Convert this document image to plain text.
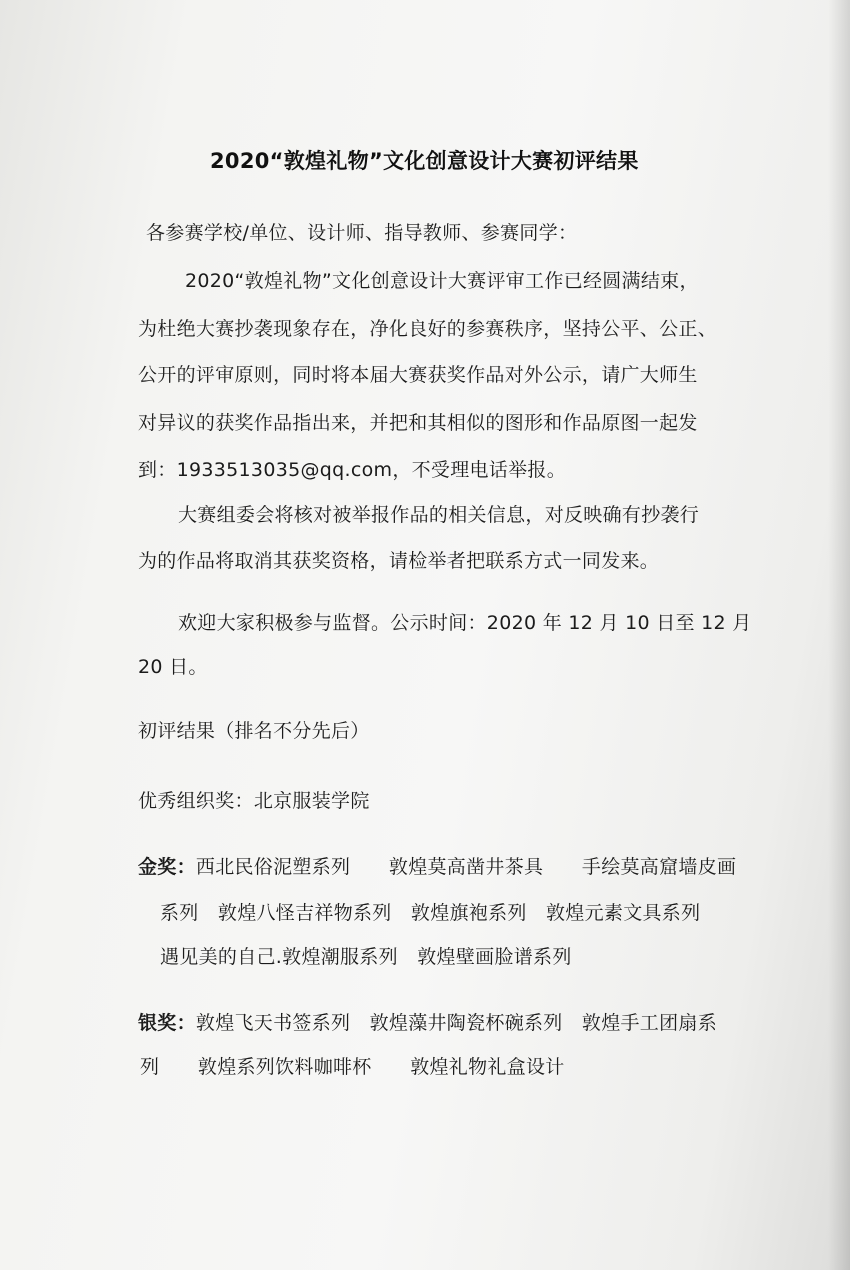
2020“敦煌礼物”文化创意设计大赛初评结果
各参赛学校/单位、设计师、指导教师、参赛同学：
2020“敦煌礼物”文化创意设计大赛评审工作已经圆满结束，
为杜绝大赛抄袭现象存在，净化良好的参赛秩序，坚持公平、公正、
公开的评审原则，同时将本届大赛获奖作品对外公示，请广大师生
对异议的获奖作品指出来，并把和其相似的图形和作品原图一起发
到：1933513035@qq.com，不受理电话举报。
大赛组委会将核对被举报作品的相关信息，对反映确有抄袭行
为的作品将取消其获奖资格，请检举者把联系方式一同发来。
欢迎大家积极参与监督。公示时间：2020 年 12 月 10 日至 12 月
20 日。
初评结果（排名不分先后）
优秀组织奖：北京服装学院
金奖：西北民俗泥塑系列　　敦煌莫高凿井茶具　　手绘莫高窟墙皮画
系列　敦煌八怪吉祥物系列　敦煌旗袍系列　敦煌元素文具系列
遇见美的自己.敦煌潮服系列　敦煌壁画脸谱系列
银奖：敦煌飞天书签系列　敦煌藻井陶瓷杯碗系列　敦煌手工团扇系
列　　敦煌系列饮料咖啡杯　　敦煌礼物礼盒设计
